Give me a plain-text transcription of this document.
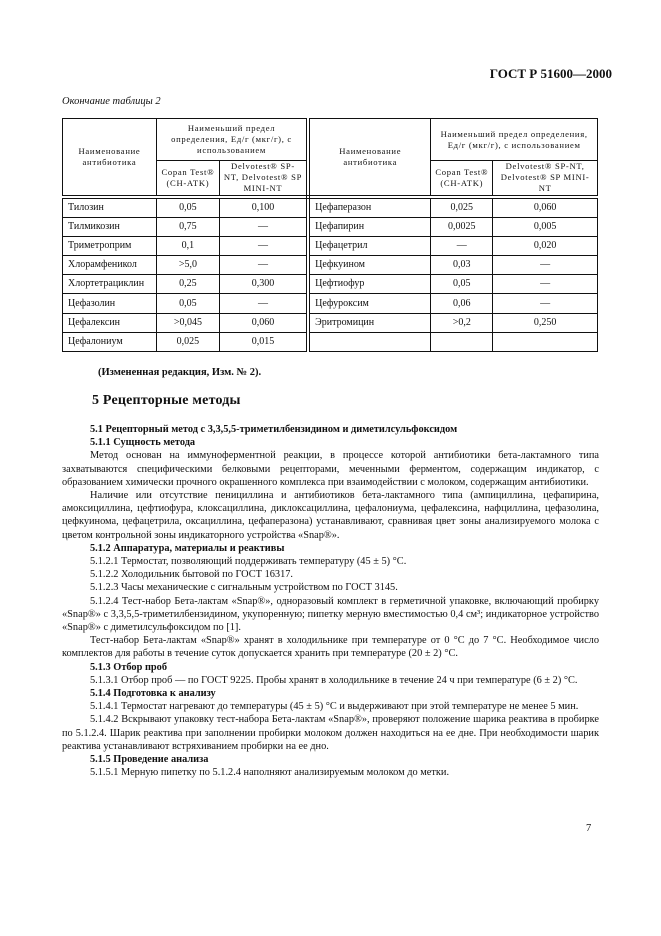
ГОСТ Р 51600—2000
Окончание таблицы 2
Наименование антибиотика	Наименьший предел определения, Ед/г (мкг/г), с использованием		Наименование антибиотика	Наименьший предел определения, Ед/г (мкг/г), с использованием	
	Copan Test® (CH-ATK)	Delvotest® SP-NT, Delvotest® SP MINI-NT		Copan Test® (CH-ATK)	Delvotest® SP-NT, Delvotest® SP MINI-NT
Тилозин	0,05	0,100	Цефаперазон	0,025	0,060
Тилмикозин	0,75	—	Цефапирин	0,0025	0,005
Триметроприм	0,1	—	Цефацетрил	—	0,020
Хлорамфеникол	>5,0	—	Цефкуином	0,03	—
Хлортетрациклин	0,25	0,300	Цефтиофур	0,05	—
Цефазолин	0,05	—	Цефуроксим	0,06	—
Цефалексин	>0,045	0,060	Эритромицин	>0,2	0,250
Цефалониум	0,025	0,015			
(Измененная редакция, Изм. № 2).
5 Рецепторные методы

5.1 Рецепторный метод с 3,3,5,5-триметилбензидином и диметилсульфоксидом

5.1.1 Сущность метода

Метод основан на иммуноферментной реакции, в процессе которой антибиотики бета-лактамного типа захватываются специфическими белковыми рецепторами, меченными ферментом, содержащим индикатор, с образованием химически прочного окрашенного комплекса при взаимодействии с молоком, содержащим антибиотики.

Наличие или отсутствие пенициллина и антибиотиков бета-лактамного типа (ампициллина, цефапирина, амоксициллина, цефтиофура, клоксациллина, диклоксациллина, цефалониума, цефалексина, нафциллина, цефазолина, цефкуинома, цефацетрила, оксациллина, цефаперазона) устанавливают, сравнивая цвет зоны анализируемого молока с цветом контрольной зоны индикаторного устройства «Snap®».

5.1.2 Аппаратура, материалы и реактивы

5.1.2.1 Термостат, позволяющий поддерживать температуру (45 ± 5) °С.

5.1.2.2 Холодильник бытовой по ГОСТ 16317.

5.1.2.3 Часы механические с сигнальным устройством по ГОСТ 3145.

5.1.2.4 Тест-набор Бета-лактам «Snap®», одноразовый комплект в герметичной упаковке, включающий пробирку «Snap®» с 3,3,5,5-триметилбензидином, укупоренную; пипетку мерную вместимостью 0,4 см³; индикаторное устройство «Snap®» с диметилсульфоксидом по [1].

Тест-набор Бета-лактам «Snap®» хранят в холодильнике при температуре от 0 °С до 7 °С. Необходимое число комплектов для работы в течение суток допускается хранить при температуре (20 ± 2) °С.

5.1.3 Отбор проб

5.1.3.1 Отбор проб — по ГОСТ 9225. Пробы хранят в холодильнике в течение 24 ч при температуре (6 ± 2) °С.

5.1.4 Подготовка к анализу

5.1.4.1 Термостат нагревают до температуры (45 ± 5) °С и выдерживают при этой температуре не менее 5 мин.

5.1.4.2 Вскрывают упаковку тест-набора Бета-лактам «Snap®», проверяют положение шарика реактива в пробирке по 5.1.2.4. Шарик реактива при заполнении пробирки молоком должен находиться на ее дне. При необходимости шарик реактива устанавливают встряхиванием пробирки на ее дно.

5.1.5 Проведение анализа

5.1.5.1 Мерную пипетку по 5.1.2.4 наполняют анализируемым молоком до метки.

7
